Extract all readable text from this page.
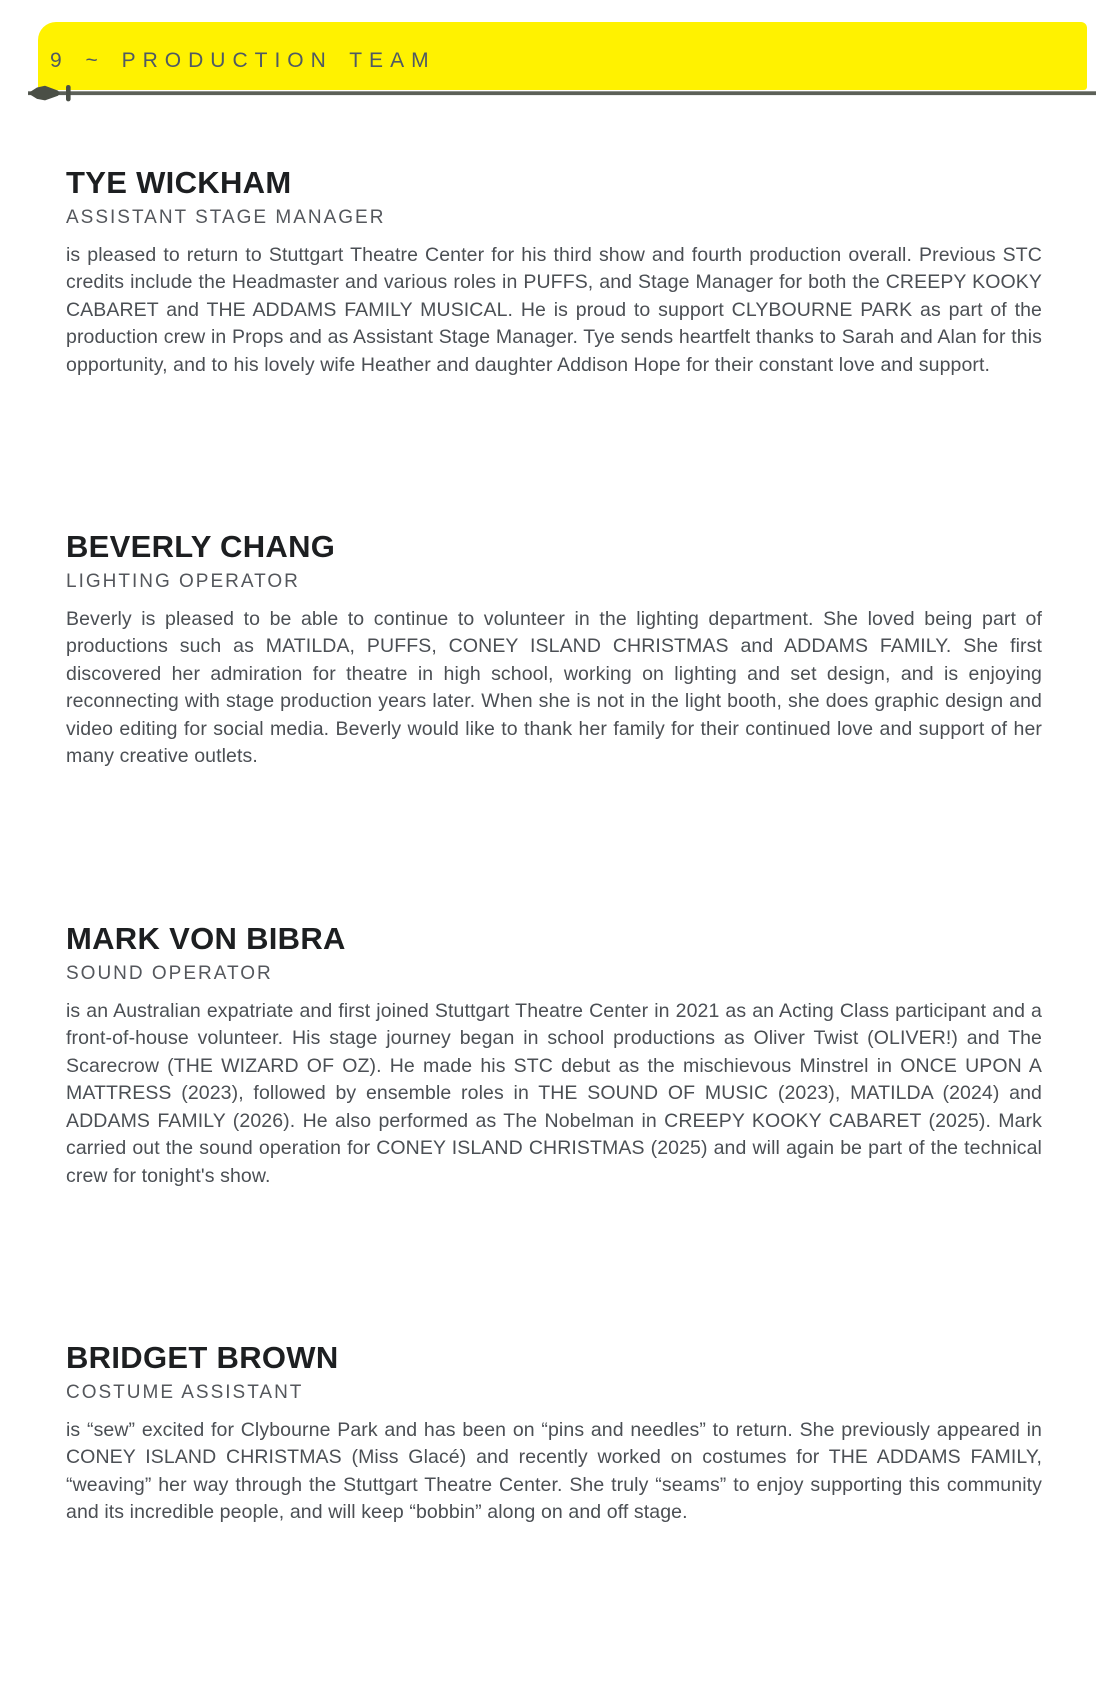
9 ~ PRODUCTION TEAM
TYE WICKHAM
ASSISTANT STAGE MANAGER

is pleased to return to Stuttgart Theatre Center for his third show and fourth production overall. Previous STC credits include the Headmaster and various roles in PUFFS, and Stage Manager for both the CREEPY KOOKY CABARET and THE ADDAMS FAMILY MUSICAL. He is proud to support CLYBOURNE PARK as part of the production crew in Props and as Assistant Stage Manager. Tye sends heartfelt thanks to Sarah and Alan for this opportunity, and to his lovely wife Heather and daughter Addison Hope for their constant love and support.

BEVERLY CHANG
LIGHTING OPERATOR

Beverly is pleased to be able to continue to volunteer in the lighting department. She loved being part of productions such as MATILDA, PUFFS, CONEY ISLAND CHRISTMAS and ADDAMS FAMILY. She first discovered her admiration for theatre in high school, working on lighting and set design, and is enjoying reconnecting with stage production years later. When she is not in the light booth, she does graphic design and video editing for social media. Beverly would like to thank her family for their continued love and support of her many creative outlets.

MARK VON BIBRA
SOUND OPERATOR

is an Australian expatriate and first joined Stuttgart Theatre Center in 2021 as an Acting Class participant and a front-of-house volunteer. His stage journey began in school productions as Oliver Twist (OLIVER!) and The Scarecrow (THE WIZARD OF OZ). He made his STC debut as the mischievous Minstrel in ONCE UPON A MATTRESS (2023), followed by ensemble roles in THE SOUND OF MUSIC (2023), MATILDA (2024) and ADDAMS FAMILY (2026). He also performed as The Nobelman in CREEPY KOOKY CABARET (2025). Mark carried out the sound operation for CONEY ISLAND CHRISTMAS (2025) and will again be part of the technical crew for tonight's show.

BRIDGET BROWN
COSTUME ASSISTANT

is “sew” excited for Clybourne Park and has been on “pins and needles” to return. She previously appeared in CONEY ISLAND CHRISTMAS (Miss Glacé) and recently worked on costumes for THE ADDAMS FAMILY, “weaving” her way through the Stuttgart Theatre Center. She truly “seams” to enjoy supporting this community and its incredible people, and will keep “bobbin” along on and off stage.
